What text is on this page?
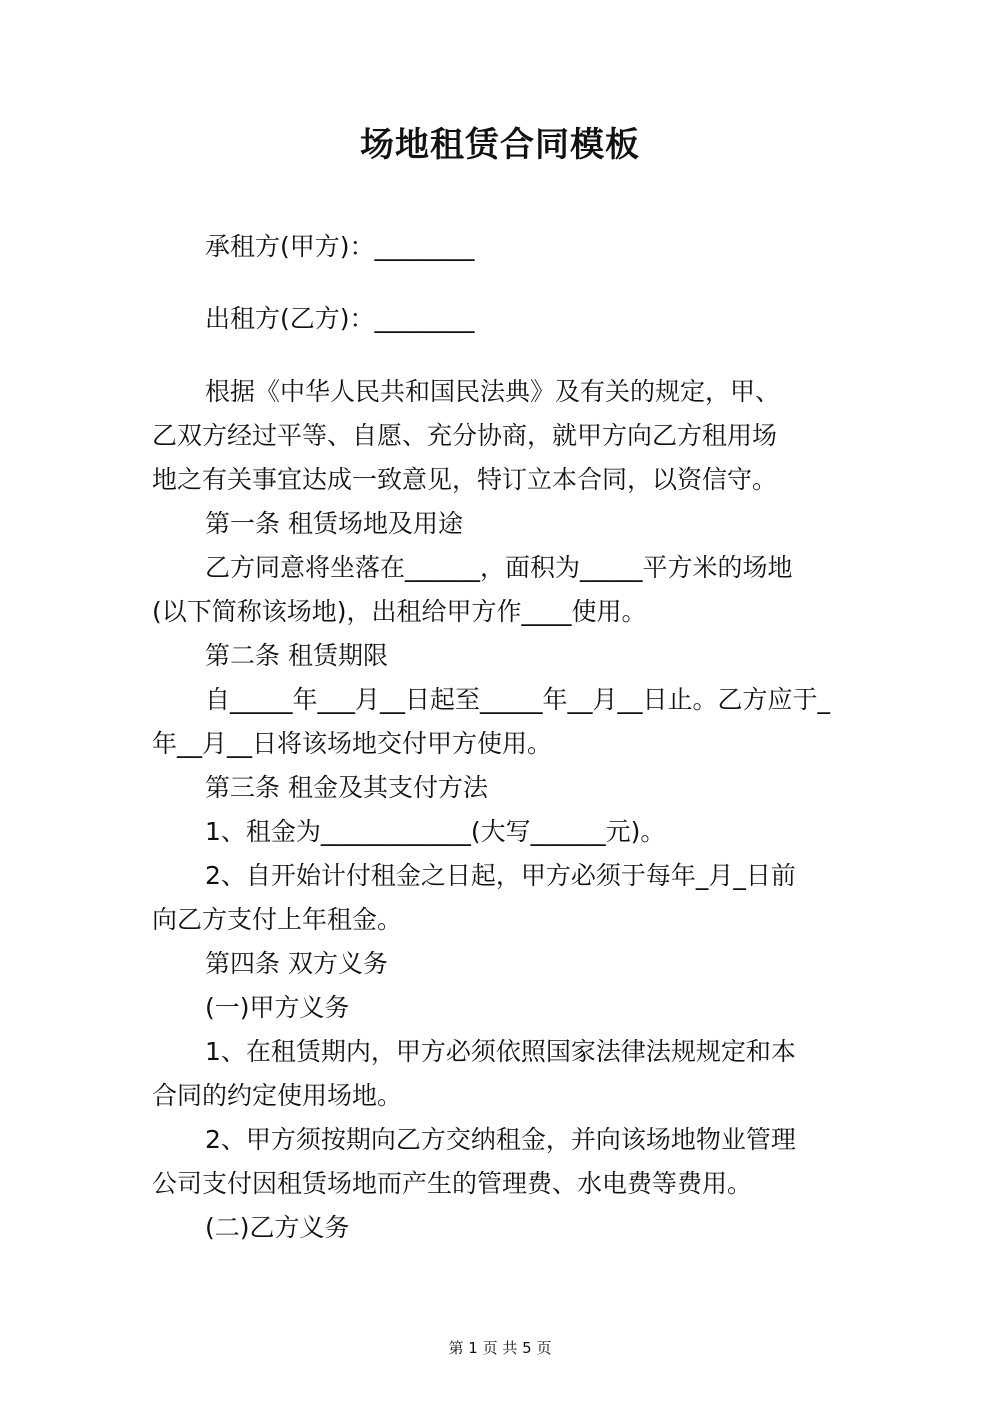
场地租赁合同模板

承租方(甲方)：________

出租方(乙方)：________

根据《中华人民共和国民法典》及有关的规定，甲、

乙双方经过平等、自愿、充分协商，就甲方向乙方租用场

地之有关事宜达成一致意见，特订立本合同，以资信守。

第一条 租赁场地及用途

乙方同意将坐落在______，面积为_____平方米的场地

(以下简称该场地)，出租给甲方作____使用。

第二条 租赁期限

自_____年___月__日起至_____年__月__日止。乙方应于_

年__月__日将该场地交付甲方使用。

第三条 租金及其支付方法

1、租金为____________(大写______元)。

2、自开始计付租金之日起，甲方必须于每年_月_日前

向乙方支付上年租金。

第四条 双方义务

(一)甲方义务

1、在租赁期内，甲方必须依照国家法律法规规定和本

合同的约定使用场地。

2、甲方须按期向乙方交纳租金，并向该场地物业管理

公司支付因租赁场地而产生的管理费、水电费等费用。

(二)乙方义务

第 1 页 共 5 页
